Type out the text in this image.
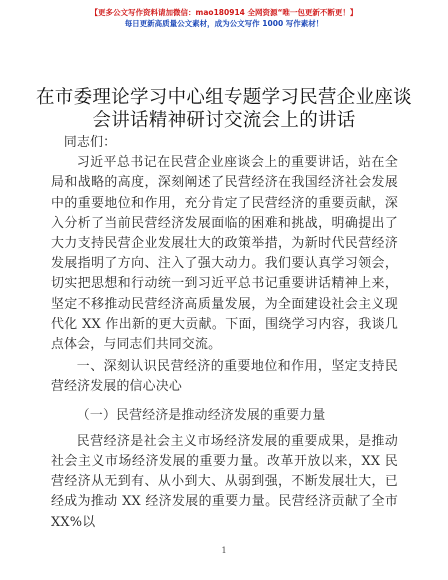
【更多公文写作资料请加微信：mao180914 全网资源“唯一包更新不断更！】
每日更新高质量公文素材，成为公文写作 1000 写作素材！
在市委理论学习中心组专题学习民营企业座谈会讲话精神研讨交流会上的讲话

同志们：

习近平总书记在民营企业座谈会上的重要讲话，站在全局和战略的高度，深刻阐述了民营经济在我国经济社会发展中的重要地位和作用，充分肯定了民营经济的重要贡献，深入分析了当前民营经济发展面临的困难和挑战，明确提出了大力支持民营企业发展壮大的政策举措，为新时代民营经济发展指明了方向、注入了强大动力。我们要认真学习领会，切实把思想和行动统一到习近平总书记重要讲话精神上来，坚定不移推动民营经济高质量发展，为全面建设社会主义现代化 XX 作出新的更大贡献。下面，围绕学习内容，我谈几点体会，与同志们共同交流。

一、深刻认识民营经济的重要地位和作用，坚定支持民营经济发展的信心决心

（一）民营经济是推动经济发展的重要力量

民营经济是社会主义市场经济发展的重要成果，是推动社会主义市场经济发展的重要力量。改革开放以来，XX 民营经济从无到有、从小到大、从弱到强，不断发展壮大，已经成为推动 XX 经济发展的重要力量。民营经济贡献了全市 XX%以

1
